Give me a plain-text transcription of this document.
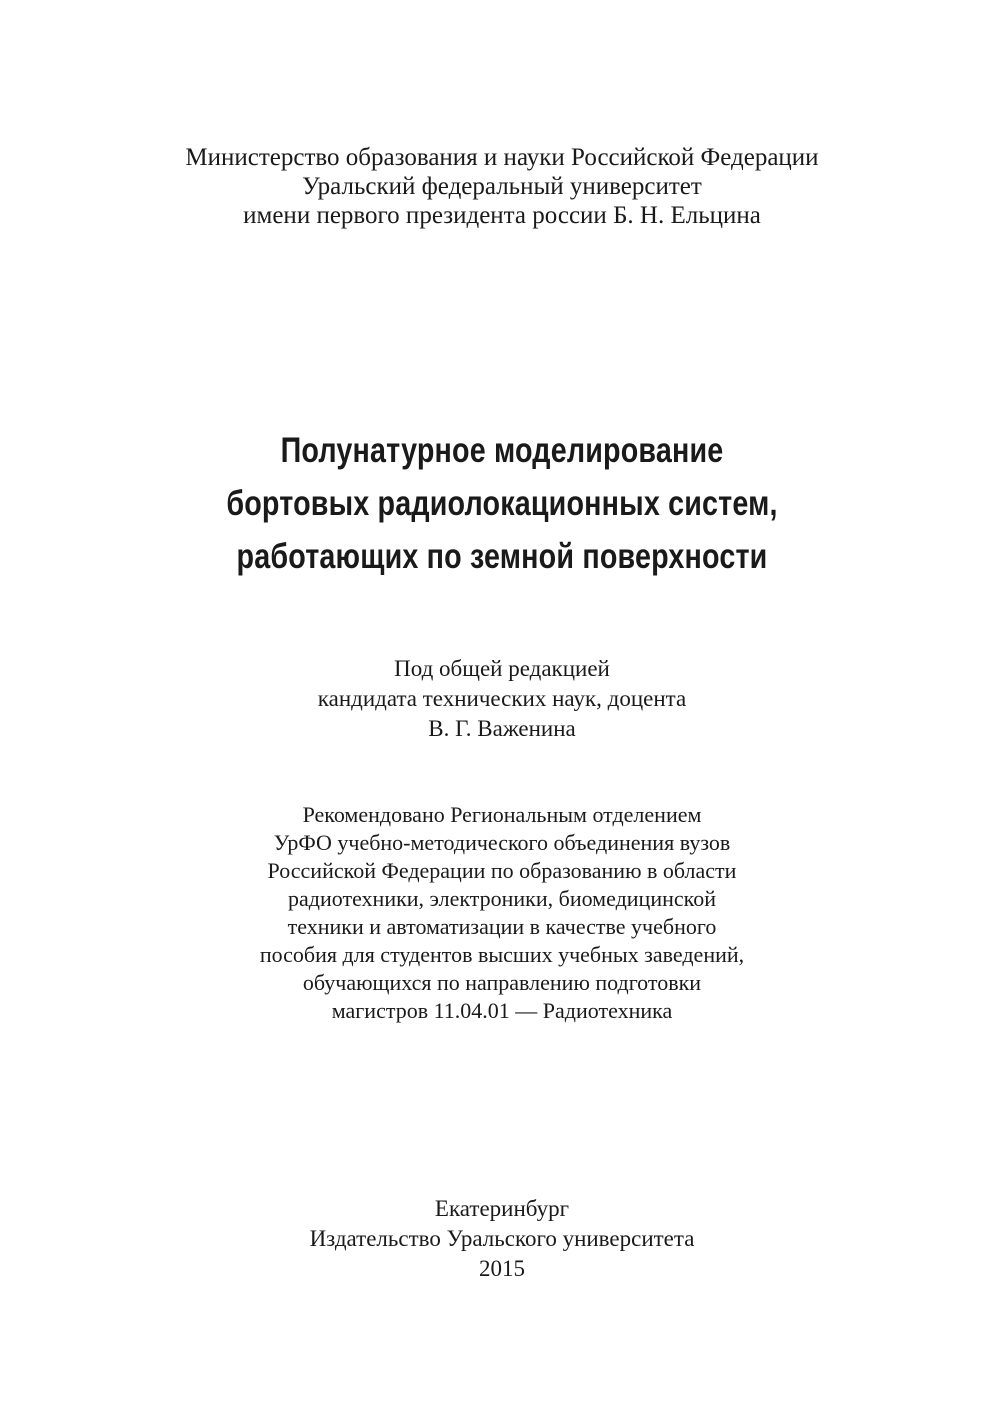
Министерство образования и науки Российской Федерации
Уральский федеральный университет
имени первого президента россии Б. Н. Ельцина
Полунатурное моделирование
бортовых радиолокационных систем,
работающих по земной поверхности
Под общей редакцией
кандидата технических наук, доцента
В. Г. Важенина
Рекомендовано Региональным отделением
УрФО учебно-методического объединения вузов
Российской Федерации по образованию в области
радиотехники, электроники, биомедицинской
техники и автоматизации в качестве учебного
пособия для студентов высших учебных заведений,
обучающихся по направлению подготовки
магистров 11.04.01 — Радиотехника
Екатеринбург
Издательство Уральского университета
2015
